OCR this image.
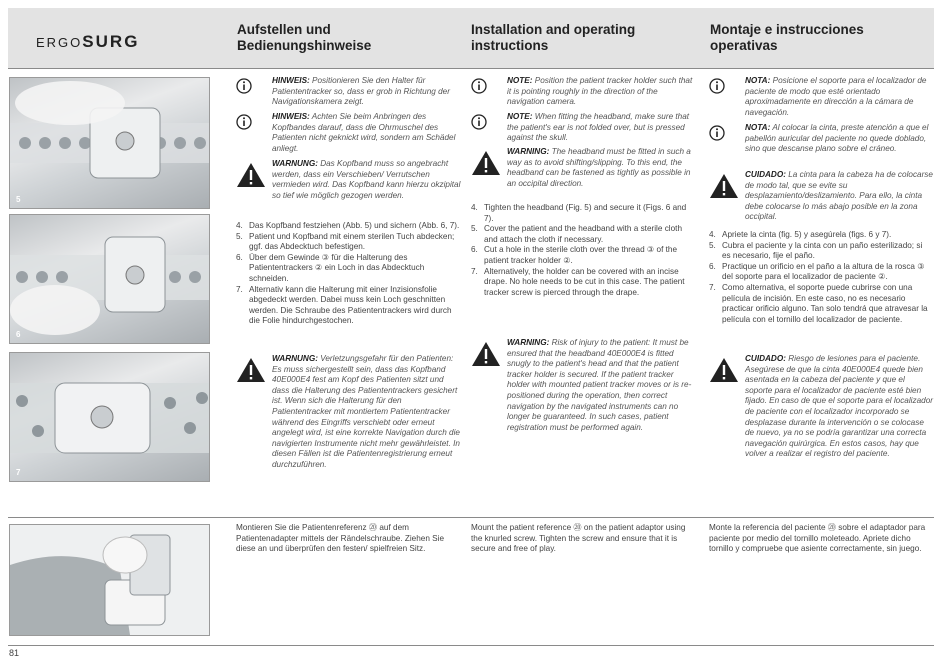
ERGOSURG
Aufstellen und Bedienungshinweise
Installation and operating instructions
Montaje e instrucciones operativas
5
6
7
HINWEIS: Positionieren Sie den Halter für Patiententracker so, dass er grob in Richtung der Navigationskamera zeigt.
HINWEIS: Achten Sie beim Anbringen des Kopfbandes darauf, dass die Ohrmuschel des Patienten nicht geknickt wird, sondern am Schädel anliegt.
WARNUNG: Das Kopfband muss so angebracht werden, dass ein Verschieben/ Verrutschen vermieden wird. Das Kopfband kann hierzu okzipital so tief wie möglich gezogen werden.
4. Das Kopfband festziehen (Abb. 5) und sichern (Abb. 6, 7).
5. Patient und Kopfband mit einem sterilen Tuch abdecken; ggf. das Abdecktuch befestigen.
6. Über dem Gewinde ③ für die Halterung des Patiententrackers ② ein Loch in das Abdecktuch schneiden.
7. Alternativ kann die Halterung mit einer Inzisionsfolie abgedeckt werden. Dabei muss kein Loch geschnitten werden. Die Schraube des Patiententrackers wird durch die Folie hindurchgestochen.
WARNUNG: Verletzungsgefahr für den Patienten: Es muss sichergestellt sein, dass das Kopfband 40E000E4 fest am Kopf des Patienten sitzt und dass die Halterung des Patiententrackers gesichert ist. Wenn sich die Halterung für den Patiententracker mit montiertem Patiententracker während des Eingriffs verschiebt oder erneut angelegt wird, ist eine korrekte Navigation durch die navigierten Instrumente nicht mehr gewährleistet. In diesen Fällen ist die Patientenregistrierung erneut durchzuführen.
Montieren Sie die Patientenreferenz ⑳ auf dem Patientenadapter mittels der Rändelschraube. Ziehen Sie diese an und überprüfen den festen/ spielfreien Sitz.
NOTE: Position the patient tracker holder such that it is pointing roughly in the direction of the navigation camera.
NOTE: When fitting the headband, make sure that the patient's ear is not folded over, but is pressed against the skull.
WARNING: The headband must be fitted in such a way as to avoid shifting/slipping. To this end, the headband can be fastened as tightly as possible in an occipital direction.
4. Tighten the headband (Fig. 5) and secure it (Figs. 6 and 7).
5. Cover the patient and the headband with a sterile cloth and attach the cloth if necessary.
6. Cut a hole in the sterile cloth over the thread ③ of the patient tracker holder ②.
7. Alternatively, the holder can be covered with an incise drape. No hole needs to be cut in this case. The patient tracker screw is pierced through the drape.
WARNING: Risk of injury to the patient: It must be ensured that the headband 40E000E4 is fitted snugly to the patient's head and that the patient tracker holder is secured. If the patient tracker holder with mounted patient tracker moves or is re-positioned during the operation, then correct navigation by the navigated instruments can no longer be guaranteed. In such cases, patient registration must be performed again.
Mount the patient reference ⑳ on the patient adaptor using the knurled screw. Tighten the screw and ensure that it is secure and free of play.
NOTA: Posicione el soporte para el localizador de paciente de modo que esté orientado aproximadamente en dirección a la cámara de navegación.
NOTA: Al colocar la cinta, preste atención a que el pabellón auricular del paciente no quede doblado, sino que descanse plano sobre el cráneo.
CUIDADO: La cinta para la cabeza ha de colocarse de modo tal, que se evite su desplazamiento/deslizamiento. Para ello, la cinta debe colocarse lo más abajo posible en la zona occipital.
4. Apriete la cinta (fig. 5) y asegúrela (figs. 6 y 7).
5. Cubra el paciente y la cinta con un paño esterilizado; si es necesario, fije el paño.
6. Practique un orificio en el paño a la altura de la rosca ③ del soporte para el localizador de paciente ②.
7. Como alternativa, el soporte puede cubrirse con una película de incisión. En este caso, no es necesario practicar orificio alguno. Tan solo tendrá que atravesar la película con el tornillo del localizador de paciente.
CUIDADO: Riesgo de lesiones para el paciente. Asegúrese de que la cinta 40E000E4 quede bien asentada en la cabeza del paciente y que el soporte para el localizador de paciente esté bien fijado. En caso de que el soporte para el localizador de paciente con el localizador incorporado se desplazase durante la intervención o se colocase de nuevo, ya no se podría garantizar una correcta navegación quirúrgica. En estos casos, hay que volver a realizar el registro del paciente.
Monte la referencia del paciente ⑳ sobre el adaptador para paciente por medio del tornillo moleteado. Apriete dicho tornillo y compruebe que asiente correctamente, sin juego.
81
